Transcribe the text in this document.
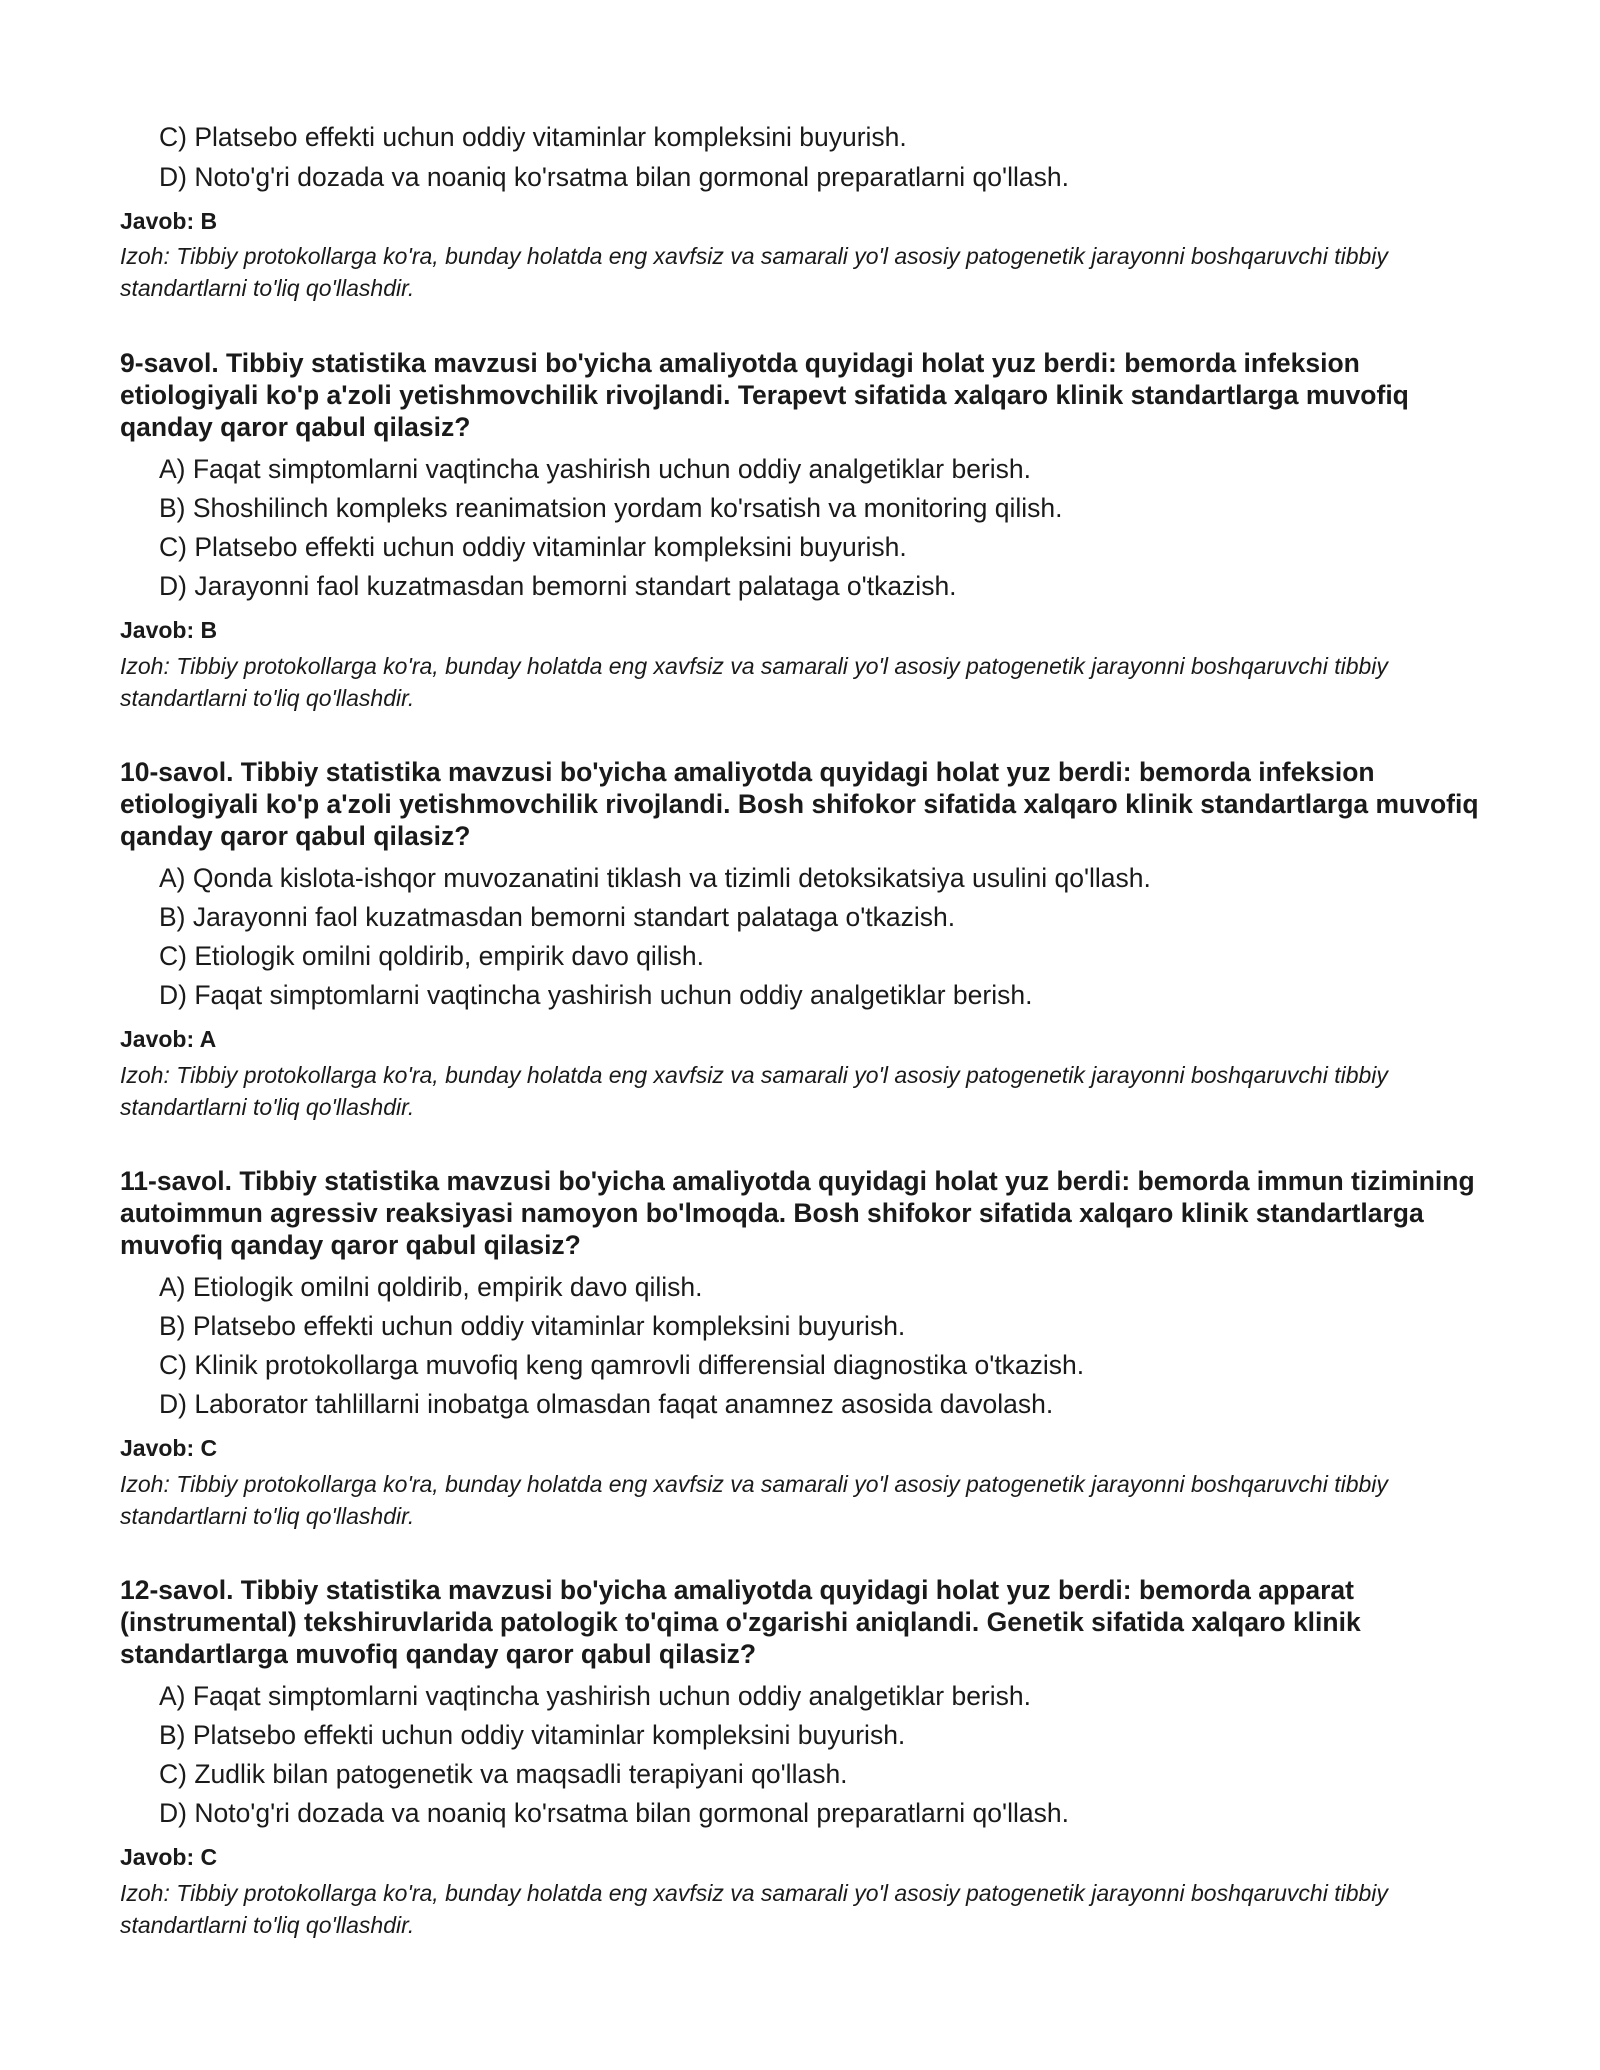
C) Platsebo effekti uchun oddiy vitaminlar kompleksini buyurish.
D) Noto'g'ri dozada va noaniq ko'rsatma bilan gormonal preparatlarni qo'llash.
Javob: B
Izoh: Tibbiy protokollarga ko'ra, bunday holatda eng xavfsiz va samarali yo'l asosiy patogenetik jarayonni boshqaruvchi tibbiy standartlarni to'liq qo'llashdir.
9-savol. Tibbiy statistika mavzusi bo'yicha amaliyotda quyidagi holat yuz berdi: bemorda infeksion etiologiyali ko'p a'zoli yetishmovchilik rivojlandi. Terapevt sifatida xalqaro klinik standartlarga muvofiq qanday qaror qabul qilasiz?
A) Faqat simptomlarni vaqtincha yashirish uchun oddiy analgetiklar berish.
B) Shoshilinch kompleks reanimatsion yordam ko'rsatish va monitoring qilish.
C) Platsebo effekti uchun oddiy vitaminlar kompleksini buyurish.
D) Jarayonni faol kuzatmasdan bemorni standart palataga o'tkazish.
Javob: B
Izoh: Tibbiy protokollarga ko'ra, bunday holatda eng xavfsiz va samarali yo'l asosiy patogenetik jarayonni boshqaruvchi tibbiy standartlarni to'liq qo'llashdir.
10-savol. Tibbiy statistika mavzusi bo'yicha amaliyotda quyidagi holat yuz berdi: bemorda infeksion etiologiyali ko'p a'zoli yetishmovchilik rivojlandi. Bosh shifokor sifatida xalqaro klinik standartlarga muvofiq qanday qaror qabul qilasiz?
A) Qonda kislota-ishqor muvozanatini tiklash va tizimli detoksikatsiya usulini qo'llash.
B) Jarayonni faol kuzatmasdan bemorni standart palataga o'tkazish.
C) Etiologik omilni qoldirib, empirik davo qilish.
D) Faqat simptomlarni vaqtincha yashirish uchun oddiy analgetiklar berish.
Javob: A
Izoh: Tibbiy protokollarga ko'ra, bunday holatda eng xavfsiz va samarali yo'l asosiy patogenetik jarayonni boshqaruvchi tibbiy standartlarni to'liq qo'llashdir.
11-savol. Tibbiy statistika mavzusi bo'yicha amaliyotda quyidagi holat yuz berdi: bemorda immun tizimining autoimmun agressiv reaksiyasi namoyon bo'lmoqda. Bosh shifokor sifatida xalqaro klinik standartlarga muvofiq qanday qaror qabul qilasiz?
A) Etiologik omilni qoldirib, empirik davo qilish.
B) Platsebo effekti uchun oddiy vitaminlar kompleksini buyurish.
C) Klinik protokollarga muvofiq keng qamrovli differensial diagnostika o'tkazish.
D) Laborator tahlillarni inobatga olmasdan faqat anamnez asosida davolash.
Javob: C
Izoh: Tibbiy protokollarga ko'ra, bunday holatda eng xavfsiz va samarali yo'l asosiy patogenetik jarayonni boshqaruvchi tibbiy standartlarni to'liq qo'llashdir.
12-savol. Tibbiy statistika mavzusi bo'yicha amaliyotda quyidagi holat yuz berdi: bemorda apparat (instrumental) tekshiruvlarida patologik to'qima o'zgarishi aniqlandi. Genetik sifatida xalqaro klinik standartlarga muvofiq qanday qaror qabul qilasiz?
A) Faqat simptomlarni vaqtincha yashirish uchun oddiy analgetiklar berish.
B) Platsebo effekti uchun oddiy vitaminlar kompleksini buyurish.
C) Zudlik bilan patogenetik va maqsadli terapiyani qo'llash.
D) Noto'g'ri dozada va noaniq ko'rsatma bilan gormonal preparatlarni qo'llash.
Javob: C
Izoh: Tibbiy protokollarga ko'ra, bunday holatda eng xavfsiz va samarali yo'l asosiy patogenetik jarayonni boshqaruvchi tibbiy standartlarni to'liq qo'llashdir.
